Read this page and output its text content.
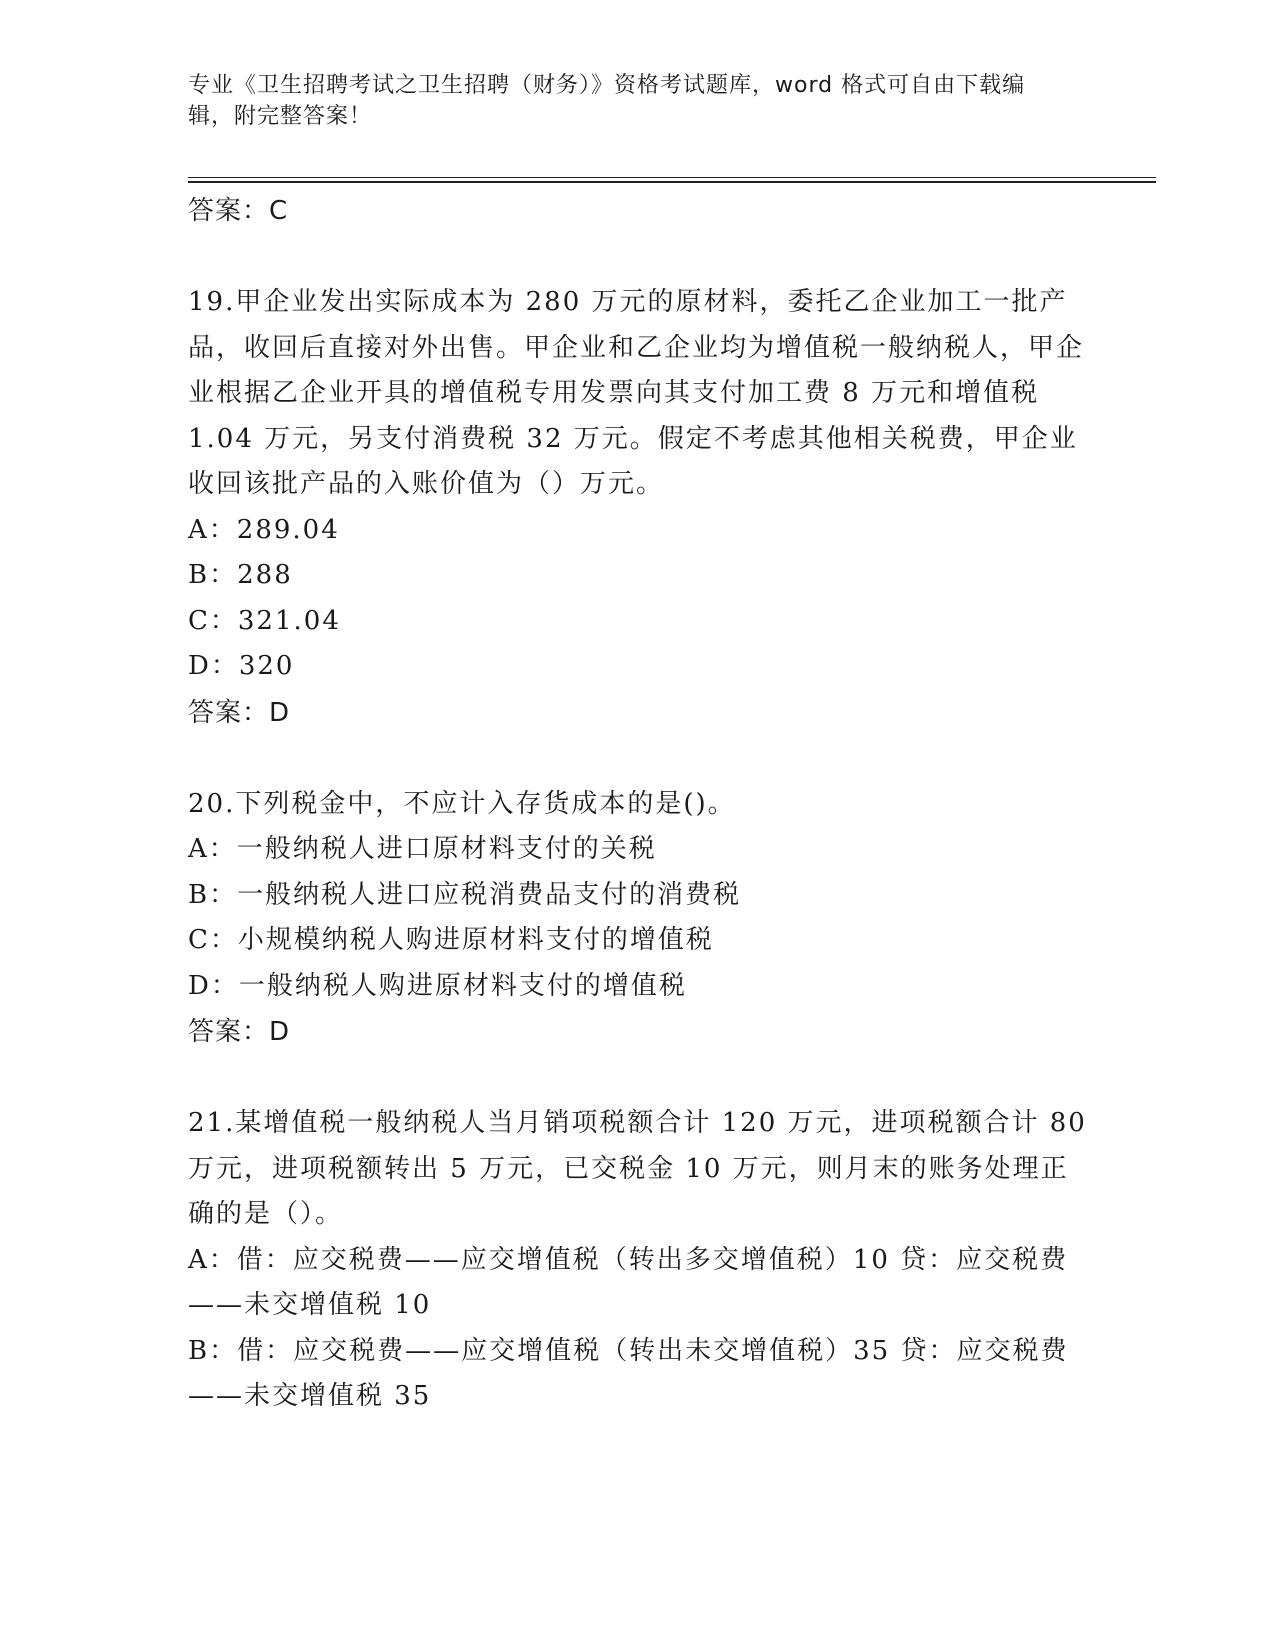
专业《卫生招聘考试之卫生招聘（财务）》资格考试题库，word 格式可自由下载编辑，附完整答案！

答案：C

19.甲企业发出实际成本为 280 万元的原材料，委托乙企业加工一批产品，收回后直接对外出售。甲企业和乙企业均为增值税一般纳税人，甲企业根据乙企业开具的增值税专用发票向其支付加工费 8 万元和增值税 1.04 万元，另支付消费税 32 万元。假定不考虑其他相关税费，甲企业收回该批产品的入账价值为（）万元。

A：289.04

B：288

C：321.04

D：320

答案：D

20.下列税金中，不应计入存货成本的是()。

A：一般纳税人进口原材料支付的关税

B：一般纳税人进口应税消费品支付的消费税

C：小规模纳税人购进原材料支付的增值税

D：一般纳税人购进原材料支付的增值税

答案：D

21.某增值税一般纳税人当月销项税额合计 120 万元，进项税额合计 80 万元，进项税额转出 5 万元，已交税金 10 万元，则月末的账务处理正确的是（）。

A：借：应交税费——应交增值税（转出多交增值税）10 贷：应交税费——未交增值税 10

B：借：应交税费——应交增值税（转出未交增值税）35 贷：应交税费——未交增值税 35
